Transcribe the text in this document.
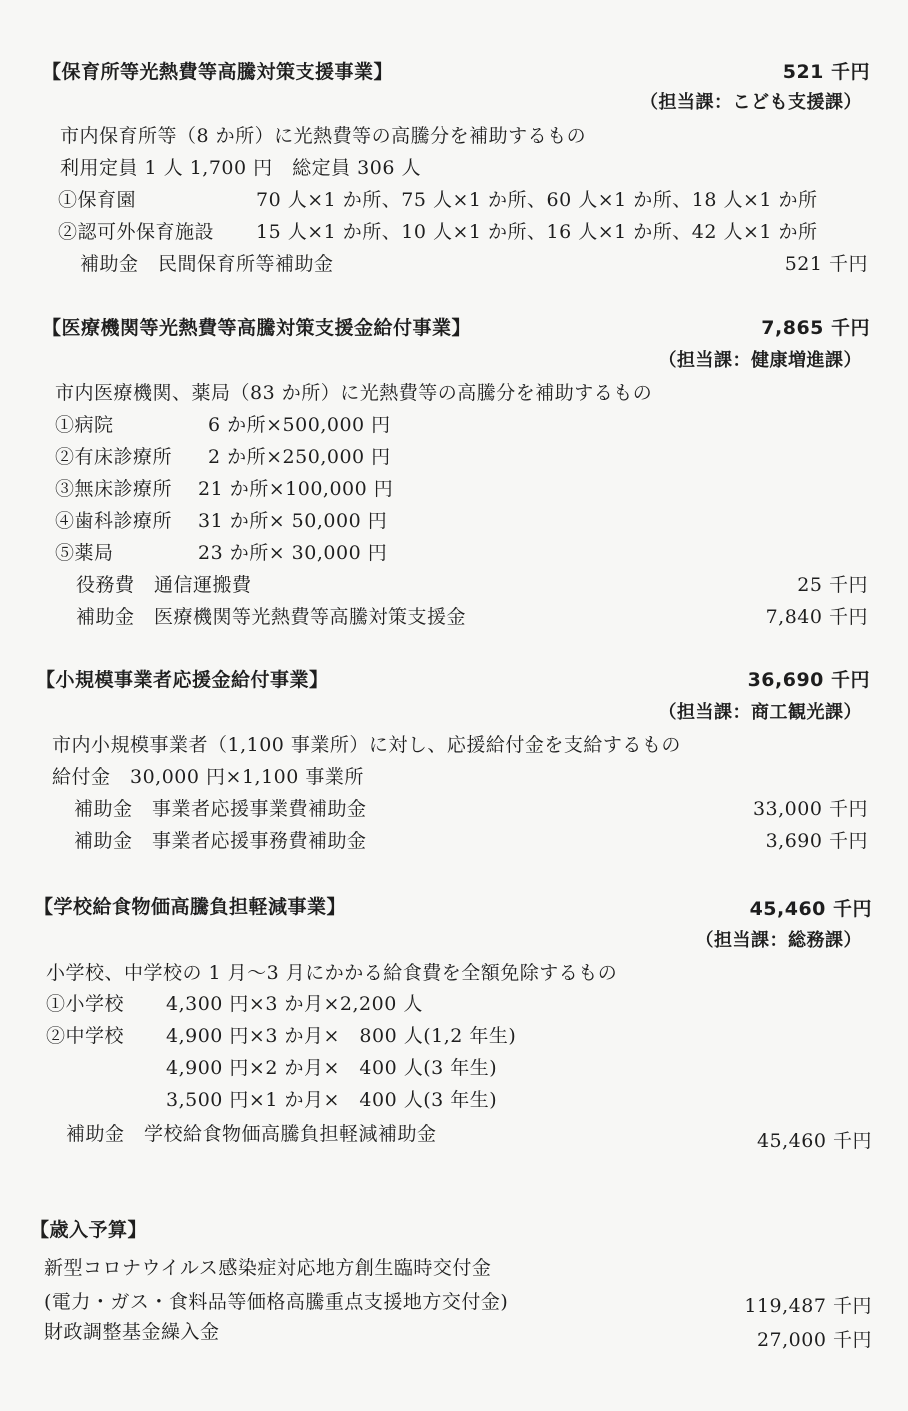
【保育所等光熱費等高騰対策支援事業】	521 千円
（担当課：こども支援課）
市内保育所等（8 か所）に光熱費等の高騰分を補助するもの
利用定員 1 人 1,700 円　総定員 306 人
①保育園	70 人×1 か所、75 人×1 か所、60 人×1 か所、18 人×1 か所
②認可外保育施設 15 人×1 か所、10 人×1 か所、16 人×1 か所、42 人×1 か所
補助金　民間保育所等補助金	521 千円
【医療機関等光熱費等高騰対策支援金給付事業】	7,865 千円
（担当課：健康増進課）
市内医療機関、薬局（83 か所）に光熱費等の高騰分を補助するもの
①病院	6 か所×500,000 円
②有床診療所 2 か所×250,000 円
③無床診療所 21 か所×100,000 円
④歯科診療所 31 か所× 50,000 円
⑤薬局	23 か所× 30,000 円
役務費　通信運搬費	25 千円
補助金　医療機関等光熱費等高騰対策支援金	7,840 千円
【小規模事業者応援金給付事業】	36,690 千円
（担当課：商工観光課）
市内小規模事業者（1,100 事業所）に対し、応援給付金を支給するもの
給付金　30,000 円×1,100 事業所
補助金　事業者応援事業費補助金	33,000 千円
補助金　事業者応援事務費補助金	3,690 千円
【学校給食物価高騰負担軽減事業】	45,460 千円
（担当課：総務課）
小学校、中学校の 1 月～3 月にかかる給食費を全額免除するもの
①小学校 4,300 円×3 か月×2,200 人
②中学校 4,900 円×3 か月×　800 人(1,2 年生)
4,900 円×2 か月×　400 人(3 年生)
3,500 円×1 か月×　400 人(3 年生)
補助金　学校給食物価高騰負担軽減補助金	45,460 千円
【歳入予算】
新型コロナウイルス感染症対応地方創生臨時交付金
(電力・ガス・食料品等価格高騰重点支援地方交付金)	119,487 千円
財政調整基金繰入金	27,000 千円
